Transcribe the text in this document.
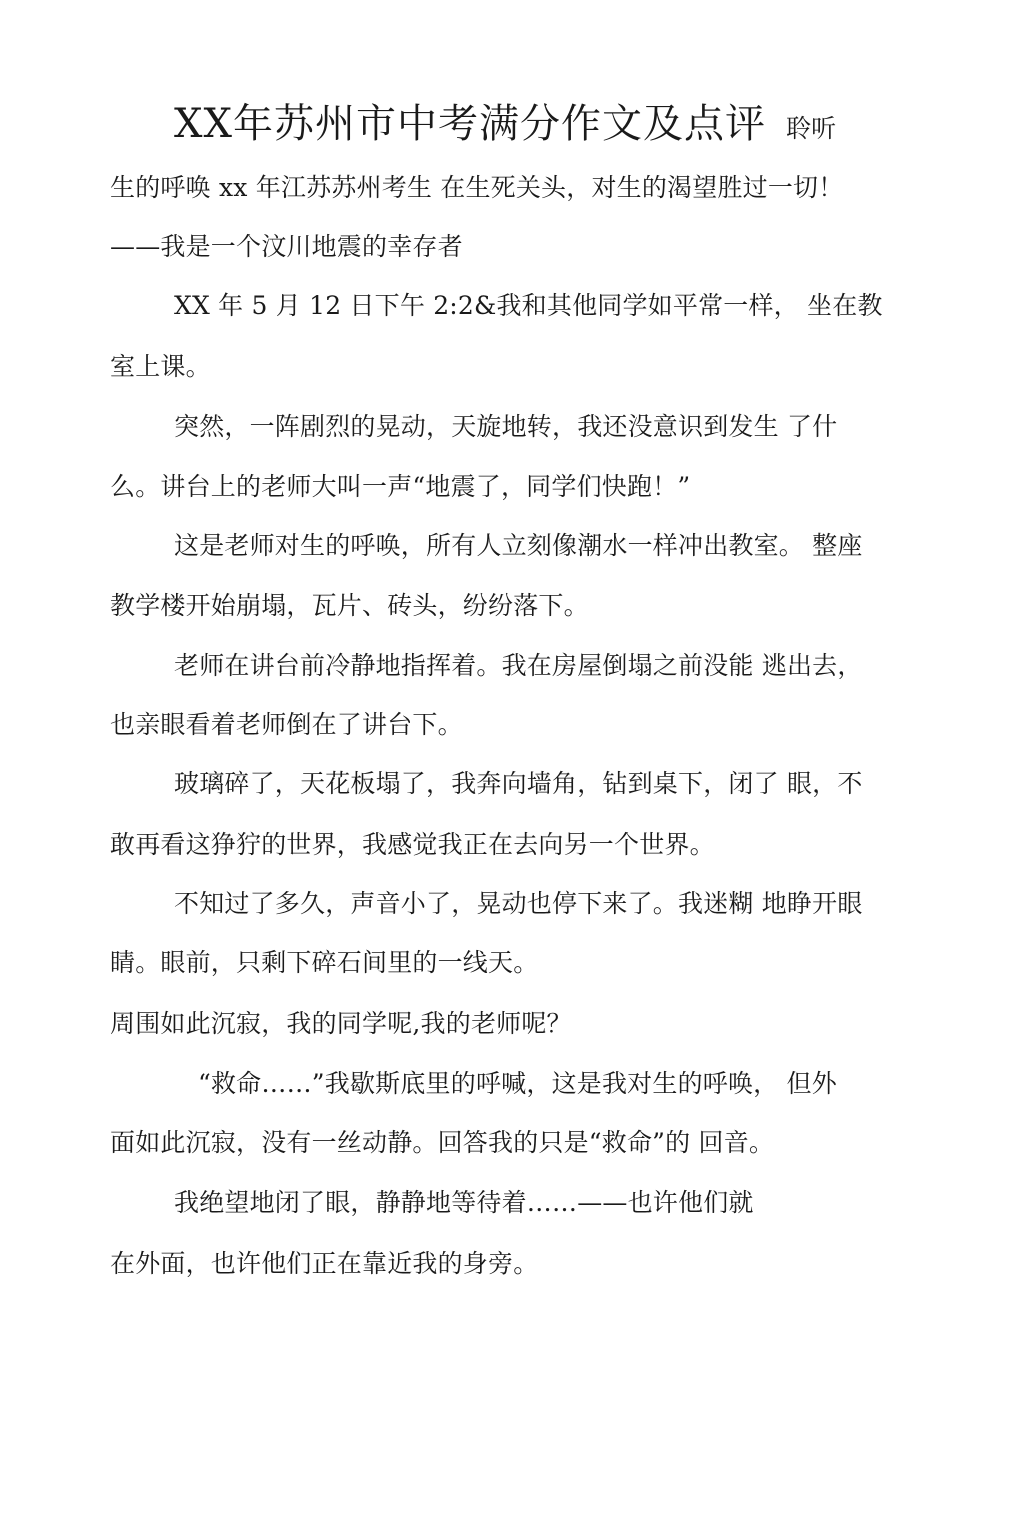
XX年苏州市中考满分作文及点评 聆听
生的呼唤 xx 年江苏苏州考生 在生死关头，对生的渴望胜过一切！
——我是一个汶川地震的幸存者
XX 年 5 月 12 日下午 2:2&我和其他同学如平常一样， 坐在教
室上课。
突然，一阵剧烈的晃动，天旋地转，我还没意识到发生 了什
么。讲台上的老师大叫一声“地震了，同学们快跑！”
这是老师对生的呼唤，所有人立刻像潮水一样冲出教室。 整座
教学楼开始崩塌，瓦片、砖头，纷纷落下。
老师在讲台前冷静地指挥着。我在房屋倒塌之前没能 逃出去，
也亲眼看着老师倒在了讲台下。
玻璃碎了，天花板塌了，我奔向墙角，钻到桌下，闭了 眼，不
敢再看这狰狞的世界，我感觉我正在去向另一个世界。
不知过了多久，声音小了，晃动也停下来了。我迷糊 地睁开眼
睛。眼前，只剩下碎石间里的一线天。
周围如此沉寂，我的同学呢,我的老师呢？
“救命……”我歇斯底里的呼喊，这是我对生的呼唤， 但外
面如此沉寂，没有一丝动静。回答我的只是“救命”的 回音。
我绝望地闭了眼，静静地等待着……——也许他们就
在外面，也许他们正在靠近我的身旁。
